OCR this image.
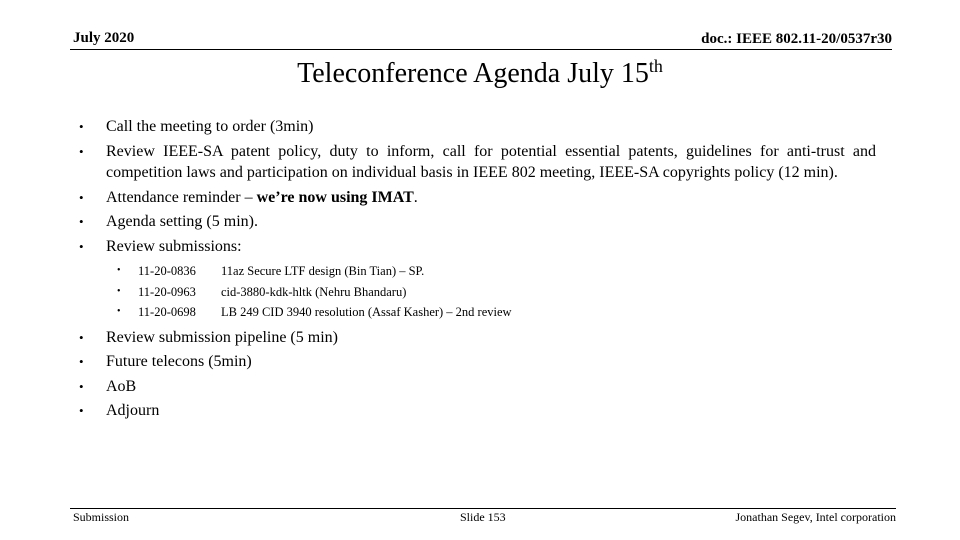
July 2020	doc.: IEEE 802.11-20/0537r30
Teleconference Agenda July 15th
• Call the meeting to order (3min)
• Review IEEE-SA patent policy, duty to inform, call for potential essential patents, guidelines for anti-trust and competition laws and participation on individual basis in IEEE 802 meeting, IEEE-SA copyrights policy (12 min).
• Attendance reminder – we’re now using IMAT.
• Agenda setting (5 min).
• Review submissions:
• 11-20-0836 11az Secure LTF design (Bin Tian) – SP.
• 11-20-0963 cid-3880-kdk-hltk (Nehru Bhandaru)
• 11-20-0698 LB 249 CID 3940 resolution (Assaf Kasher) – 2nd review
• Review submission pipeline (5 min)
• Future telecons (5min)
• AoB
• Adjourn
Submission	Slide 153	Jonathan Segev, Intel corporation
